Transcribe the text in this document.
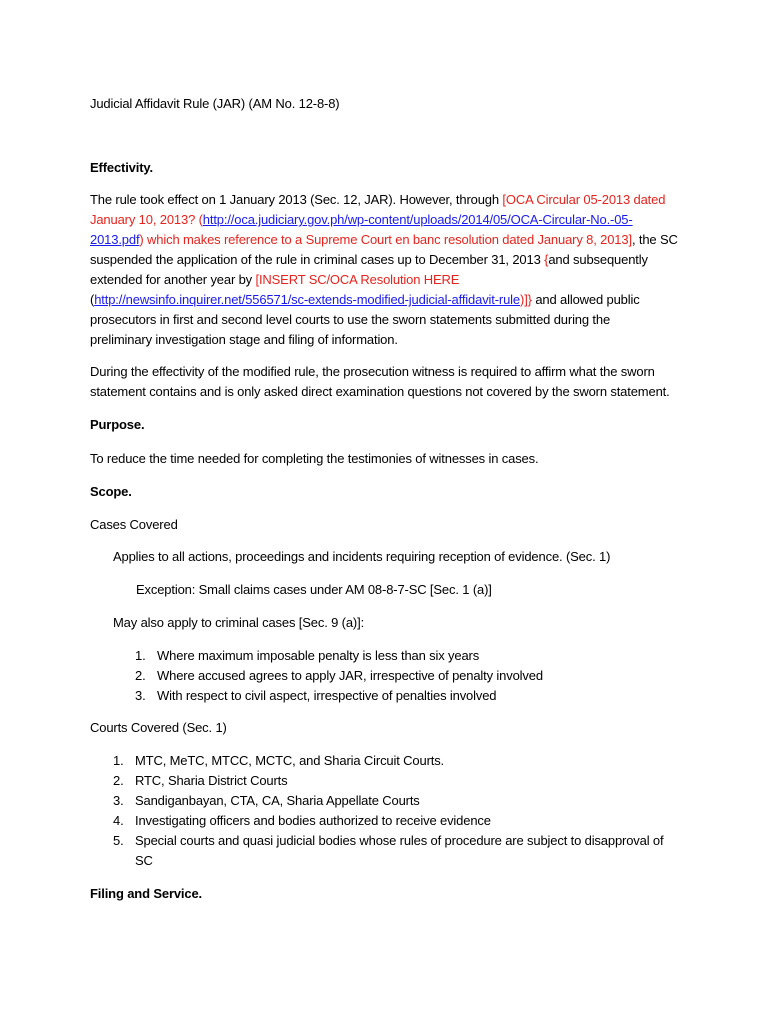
Judicial Affidavit Rule (JAR) (AM No. 12-8-8)
Effectivity.
The rule took effect on 1 January 2013 (Sec. 12, JAR). However, through [OCA Circular 05-2013 dated
January 10, 2013? (http://oca.judiciary.gov.ph/wp-content/uploads/2014/05/OCA-Circular-No.-05-
2013.pdf) which makes reference to a Supreme Court en banc resolution dated January 8, 2013], the SC
suspended the application of the rule in criminal cases up to December 31, 2013 {and subsequently
extended for another year by [INSERT SC/OCA Resolution HERE
(http://newsinfo.inquirer.net/556571/sc-extends-modified-judicial-affidavit-rule)]} and allowed public
prosecutors in first and second level courts to use the sworn statements submitted during the
preliminary investigation stage and filing of information.
During the effectivity of the modified rule, the prosecution witness is required to affirm what the sworn
statement contains and is only asked direct examination questions not covered by the sworn statement.
Purpose.
To reduce the time needed for completing the testimonies of witnesses in cases.
Scope.
Cases Covered
Applies to all actions, proceedings and incidents requiring reception of evidence. (Sec. 1)
Exception: Small claims cases under AM 08-8-7-SC [Sec. 1 (a)]
May also apply to criminal cases [Sec. 9 (a)]:
1. Where maximum imposable penalty is less than six years
2. Where accused agrees to apply JAR, irrespective of penalty involved
3. With respect to civil aspect, irrespective of penalties involved
Courts Covered (Sec. 1)
1. MTC, MeTC, MTCC, MCTC, and Sharia Circuit Courts.
2. RTC, Sharia District Courts
3. Sandiganbayan, CTA, CA, Sharia Appellate Courts
4. Investigating officers and bodies authorized to receive evidence
5. Special courts and quasi judicial bodies whose rules of procedure are subject to disapproval of
SC
Filing and Service.
